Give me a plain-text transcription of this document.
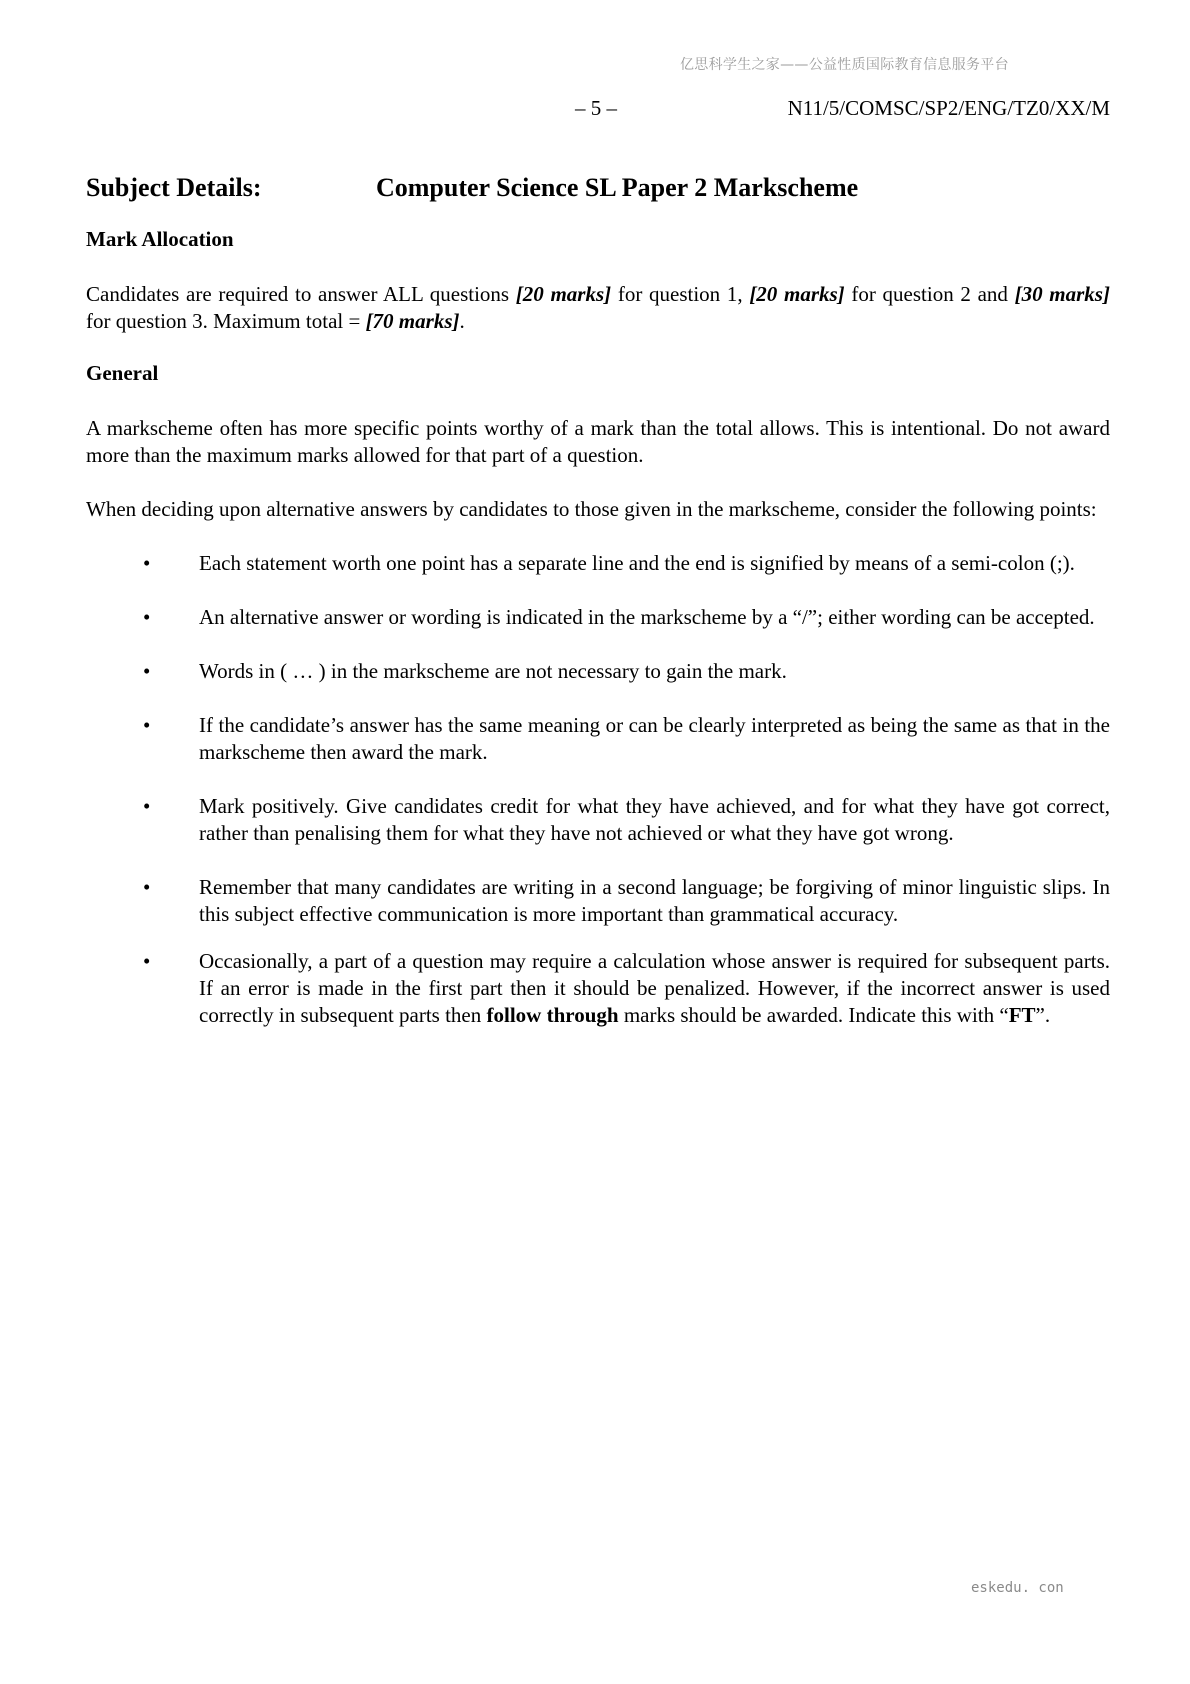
亿思科学生之家——公益性质国际教育信息服务平台
– 5 –	N11/5/COMSC/SP2/ENG/TZ0/XX/M
Subject Details:	Computer Science SL Paper 2 Markscheme
Mark Allocation
Candidates are required to answer ALL questions [20 marks] for question 1, [20 marks] for question 2 and [30 marks] for question 3. Maximum total = [70 marks].
General
A markscheme often has more specific points worthy of a mark than the total allows. This is intentional. Do not award more than the maximum marks allowed for that part of a question.
When deciding upon alternative answers by candidates to those given in the markscheme, consider the following points:
• Each statement worth one point has a separate line and the end is signified by means of a semi-colon (;).
• An alternative answer or wording is indicated in the markscheme by a “/”; either wording can be accepted.
• Words in ( … ) in the markscheme are not necessary to gain the mark.
• If the candidate’s answer has the same meaning or can be clearly interpreted as being the same as that in the markscheme then award the mark.
• Mark positively. Give candidates credit for what they have achieved, and for what they have got correct, rather than penalising them for what they have not achieved or what they have got wrong.
• Remember that many candidates are writing in a second language; be forgiving of minor linguistic slips. In this subject effective communication is more important than grammatical accuracy.
• Occasionally, a part of a question may require a calculation whose answer is required for subsequent parts. If an error is made in the first part then it should be penalized. However, if the incorrect answer is used correctly in subsequent parts then follow through marks should be awarded. Indicate this with “FT”.
eskedu. con
